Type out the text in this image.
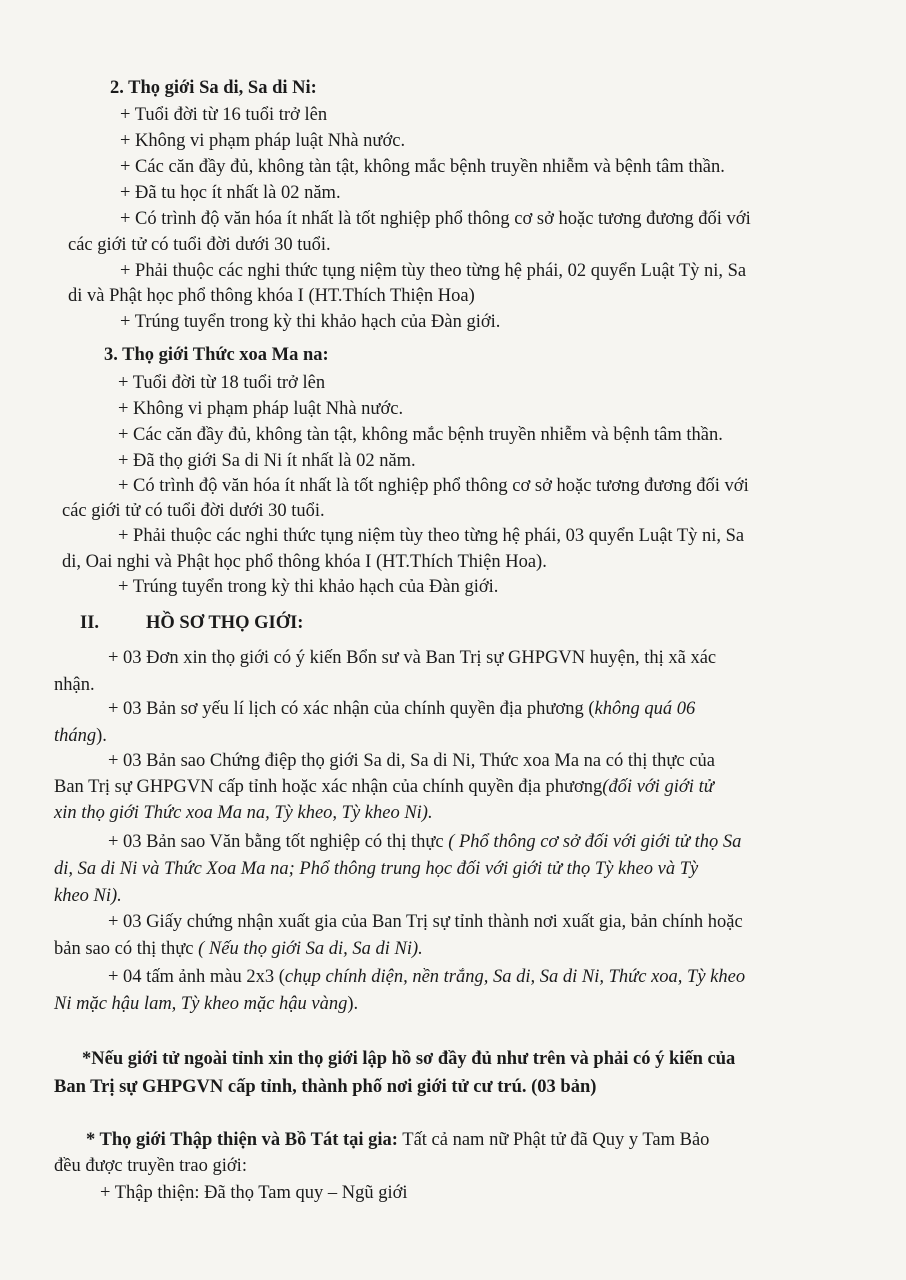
2. Thọ giới Sa di, Sa di Ni:
+ Tuổi đời từ 16 tuổi trở lên
+ Không vi phạm pháp luật Nhà nước.
+ Các căn đầy đủ, không tàn tật, không mắc bệnh truyền nhiễm và bệnh tâm thần.
+ Đã tu học ít nhất là 02 năm.
+ Có trình độ văn hóa ít nhất là tốt nghiệp phổ thông cơ sở hoặc tương đương đối với
các giới tử có tuổi đời dưới 30 tuổi.
+ Phải thuộc các nghi thức tụng niệm tùy theo từng hệ phái, 02 quyển Luật Tỳ ni, Sa
di và Phật học phổ thông khóa I (HT.Thích Thiện Hoa)
+ Trúng tuyển trong kỳ thi khảo hạch của Đàn giới.
3. Thọ giới Thức xoa Ma na:
+ Tuổi đời từ 18 tuổi trở lên
+ Không vi phạm pháp luật Nhà nước.
+ Các căn đầy đủ, không tàn tật, không mắc bệnh truyền nhiễm và bệnh tâm thần.
+ Đã thọ giới Sa di Ni ít nhất là 02 năm.
+ Có trình độ văn hóa ít nhất là tốt nghiệp phổ thông cơ sở hoặc tương đương đối với
các giới tử có tuổi đời dưới 30 tuổi.
+ Phải thuộc các nghi thức tụng niệm tùy theo từng hệ phái, 03 quyển Luật Tỳ ni, Sa
di, Oai nghi và Phật học phổ thông khóa I (HT.Thích Thiện Hoa).
+ Trúng tuyển trong kỳ thi khảo hạch của Đàn giới.
II.	HỒ SƠ THỌ GIỚI:
+ 03 Đơn xin thọ giới có ý kiến Bổn sư và Ban Trị sự GHPGVN huyện, thị xã xác
nhận.
+ 03 Bản sơ yếu lí lịch có xác nhận của chính quyền địa phương (không quá 06
tháng).
+ 03 Bản sao Chứng điệp thọ giới Sa di, Sa di Ni, Thức xoa Ma na có thị thực của
Ban Trị sự GHPGVN cấp tỉnh hoặc xác nhận của chính quyền địa phương(đối với giới tử
xin thọ giới Thức xoa Ma na, Tỳ kheo, Tỳ kheo Ni).
+ 03 Bản sao Văn bằng tốt nghiệp có thị thực ( Phổ thông cơ sở đối với giới tử thọ Sa
di, Sa di Ni và Thức Xoa Ma na; Phổ thông trung học đối với giới tử thọ Tỳ kheo và Tỳ
kheo Ni).
+ 03 Giấy chứng nhận xuất gia của Ban Trị sự tỉnh thành nơi xuất gia, bản chính hoặc
bản sao có thị thực ( Nếu thọ giới Sa di, Sa di Ni).
+ 04 tấm ảnh màu 2x3 (chụp chính diện, nền trắng, Sa di, Sa di Ni, Thức xoa, Tỳ kheo
Ni mặc hậu lam, Tỳ kheo mặc hậu vàng).
*Nếu giới tử ngoài tỉnh xin thọ giới lập hồ sơ đầy đủ như trên và phải có ý kiến của
Ban Trị sự GHPGVN cấp tỉnh, thành phố nơi giới tử cư trú. (03 bản)
* Thọ giới Thập thiện và Bồ Tát tại gia: Tất cả nam nữ Phật tử đã Quy y Tam Bảo
đều được truyền trao giới:
+ Thập thiện: Đã thọ Tam quy – Ngũ giới
